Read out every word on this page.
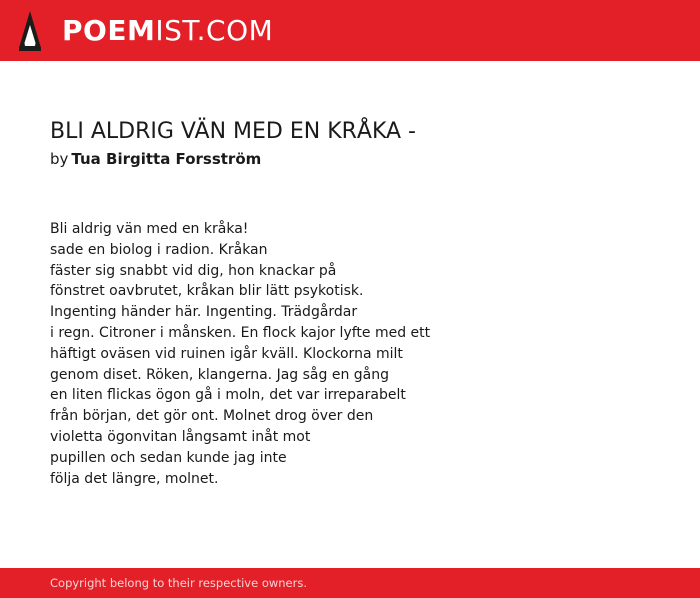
POEMIST.COM
BLI ALDRIG VÄN MED EN KRÅKA -
by Tua Birgitta Forsström
Bli aldrig vän med en kråka!
sade en biolog i radion. Kråkan
fäster sig snabbt vid dig, hon knackar på
fönstret oavbrutet, kråkan blir lätt psykotisk.
Ingenting händer här. Ingenting. Trädgårdar
i regn. Citroner i månsken. En flock kajor lyfte med ett
häftigt oväsen vid ruinen igår kväll. Klockorna milt
genom diset. Röken, klangerna. Jag såg en gång
en liten flickas ögon gå i moln, det var irreparabelt
från början, det gör ont. Molnet drog över den
violetta ögonvitan långsamt inåt mot
pupillen och sedan kunde jag inte
följa det längre, molnet.
Copyright belong to their respective owners.
